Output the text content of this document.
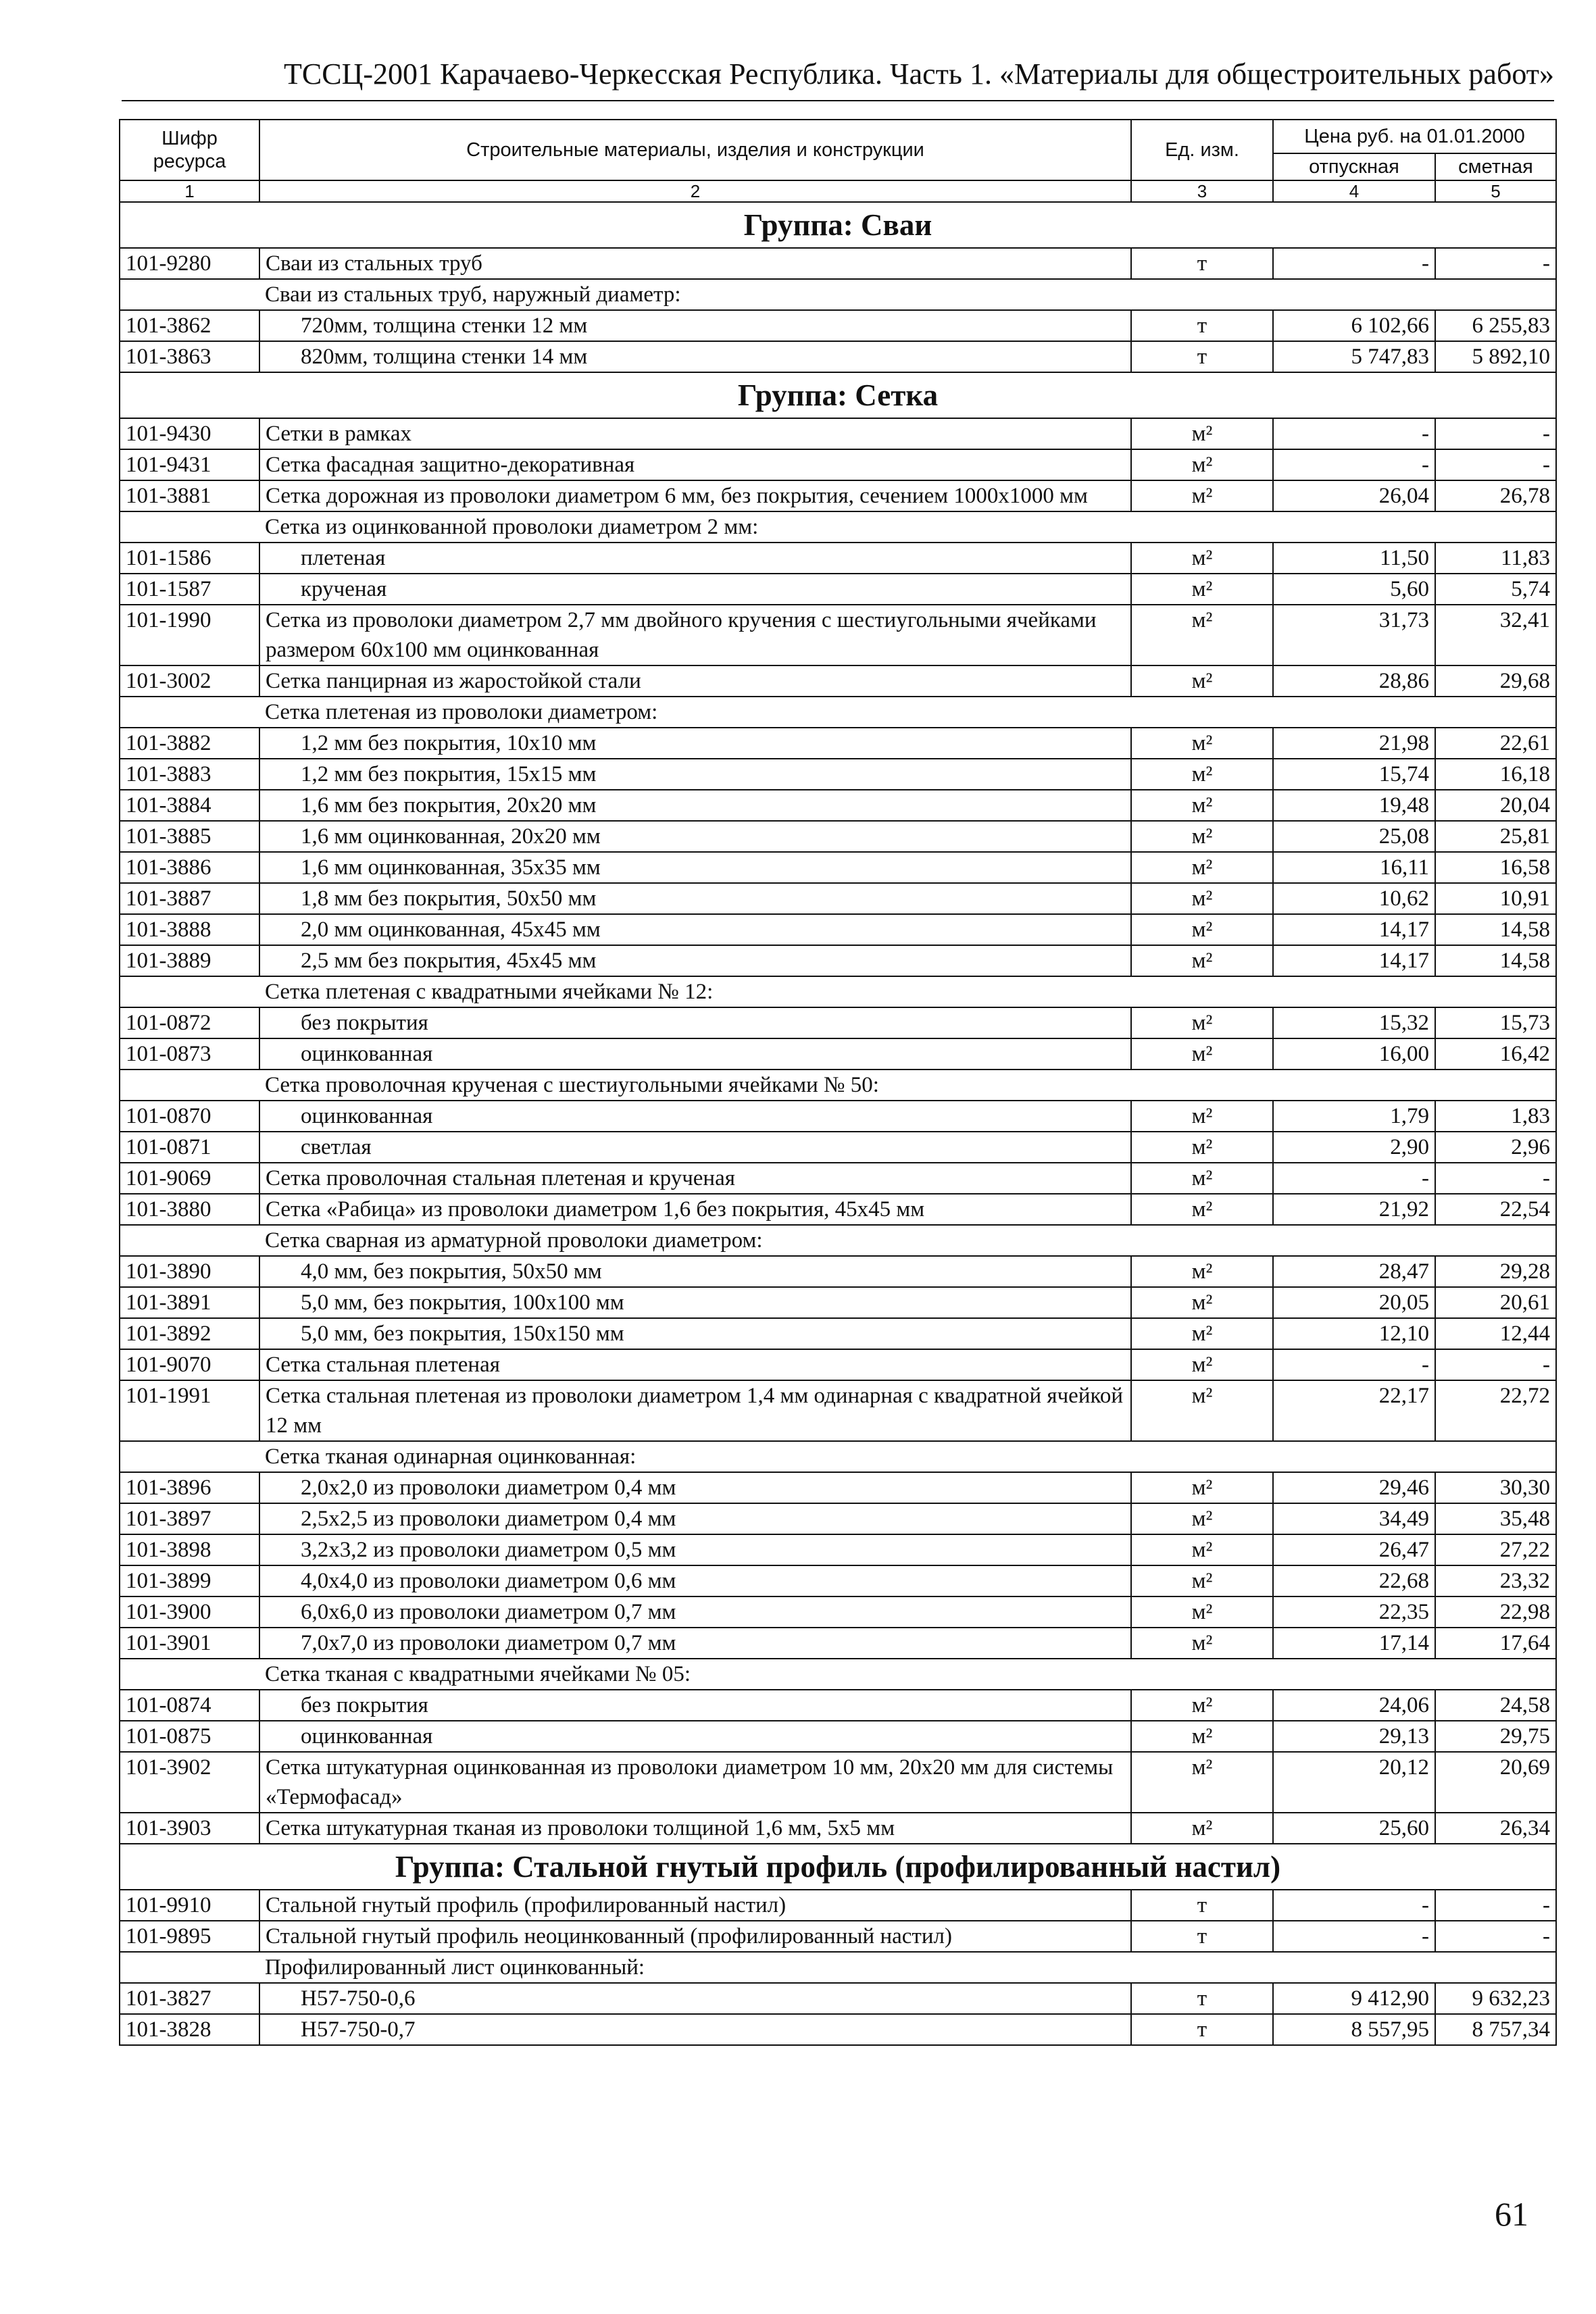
ТССЦ-2001 Карачаево-Черкесская Республика. Часть 1. «Материалы для общестроительных работ»
Шифр ресурса	Строительные материалы, изделия и конструкции	Ед. изм.	Цена руб. на 01.01.2000	
			отпускная	сметная
1	2	3	4	5
Группа: Сваи				
101-9280	Сваи из стальных труб	т	-	-
	Сваи из стальных труб, наружный диаметр:			
101-3862	720мм, толщина стенки 12 мм	т	6 102,66	6 255,83
101-3863	820мм, толщина стенки 14 мм	т	5 747,83	5 892,10
Группа: Сетка				
101-9430	Сетки в рамках	м²	-	-
101-9431	Сетка фасадная защитно-декоративная	м²	-	-
101-3881	Сетка дорожная из проволоки диаметром 6 мм, без покрытия, сечением 1000х1000 мм	м²	26,04	26,78
	Сетка из оцинкованной проволоки диаметром 2 мм:			
101-1586	плетеная	м²	11,50	11,83
101-1587	крученая	м²	5,60	5,74
101-1990	Сетка из проволоки диаметром 2,7 мм двойного кручения с шестиугольными ячейками размером 60х100 мм оцинкованная	м²	31,73	32,41
101-3002	Сетка панцирная из жаростойкой стали	м²	28,86	29,68
	Сетка плетеная из проволоки диаметром:			
101-3882	1,2 мм без покрытия, 10х10 мм	м²	21,98	22,61
101-3883	1,2 мм без покрытия, 15х15 мм	м²	15,74	16,18
101-3884	1,6 мм без покрытия, 20х20 мм	м²	19,48	20,04
101-3885	1,6 мм оцинкованная, 20х20 мм	м²	25,08	25,81
101-3886	1,6 мм оцинкованная, 35х35 мм	м²	16,11	16,58
101-3887	1,8 мм без покрытия, 50х50 мм	м²	10,62	10,91
101-3888	2,0 мм оцинкованная, 45х45 мм	м²	14,17	14,58
101-3889	2,5 мм без покрытия, 45х45 мм	м²	14,17	14,58
	Сетка плетеная с квадратными ячейками № 12:			
101-0872	без покрытия	м²	15,32	15,73
101-0873	оцинкованная	м²	16,00	16,42
	Сетка проволочная крученая с шестиугольными ячейками № 50:			
101-0870	оцинкованная	м²	1,79	1,83
101-0871	светлая	м²	2,90	2,96
101-9069	Сетка проволочная стальная плетеная и крученая	м²	-	-
101-3880	Сетка «Рабица» из проволоки диаметром 1,6 без покрытия, 45х45 мм	м²	21,92	22,54
	Сетка сварная из арматурной проволоки диаметром:			
101-3890	4,0 мм, без покрытия, 50х50 мм	м²	28,47	29,28
101-3891	5,0 мм, без покрытия, 100х100 мм	м²	20,05	20,61
101-3892	5,0 мм, без покрытия, 150х150 мм	м²	12,10	12,44
101-9070	Сетка стальная плетеная	м²	-	-
101-1991	Сетка стальная плетеная из проволоки диаметром 1,4 мм одинарная с квадратной ячейкой 12 мм	м²	22,17	22,72
	Сетка тканая одинарная оцинкованная:			
101-3896	2,0х2,0 из проволоки диаметром 0,4 мм	м²	29,46	30,30
101-3897	2,5х2,5 из проволоки диаметром 0,4 мм	м²	34,49	35,48
101-3898	3,2х3,2 из проволоки диаметром 0,5 мм	м²	26,47	27,22
101-3899	4,0х4,0 из проволоки диаметром 0,6 мм	м²	22,68	23,32
101-3900	6,0х6,0 из проволоки диаметром 0,7 мм	м²	22,35	22,98
101-3901	7,0х7,0 из проволоки диаметром 0,7 мм	м²	17,14	17,64
	Сетка тканая с квадратными ячейками № 05:			
101-0874	без покрытия	м²	24,06	24,58
101-0875	оцинкованная	м²	29,13	29,75
101-3902	Сетка штукатурная оцинкованная из проволоки диаметром 10 мм, 20х20 мм для системы «Термофасад»	м²	20,12	20,69
101-3903	Сетка штукатурная тканая из проволоки толщиной 1,6 мм, 5х5 мм	м²	25,60	26,34
Группа: Стальной гнутый профиль (профилированный настил)				
101-9910	Стальной гнутый профиль (профилированный настил)	т	-	-
101-9895	Стальной гнутый профиль неоцинкованный (профилированный настил)	т	-	-
	Профилированный лист оцинкованный:			
101-3827	Н57-750-0,6	т	9 412,90	9 632,23
101-3828	Н57-750-0,7	т	8 557,95	8 757,34
61
